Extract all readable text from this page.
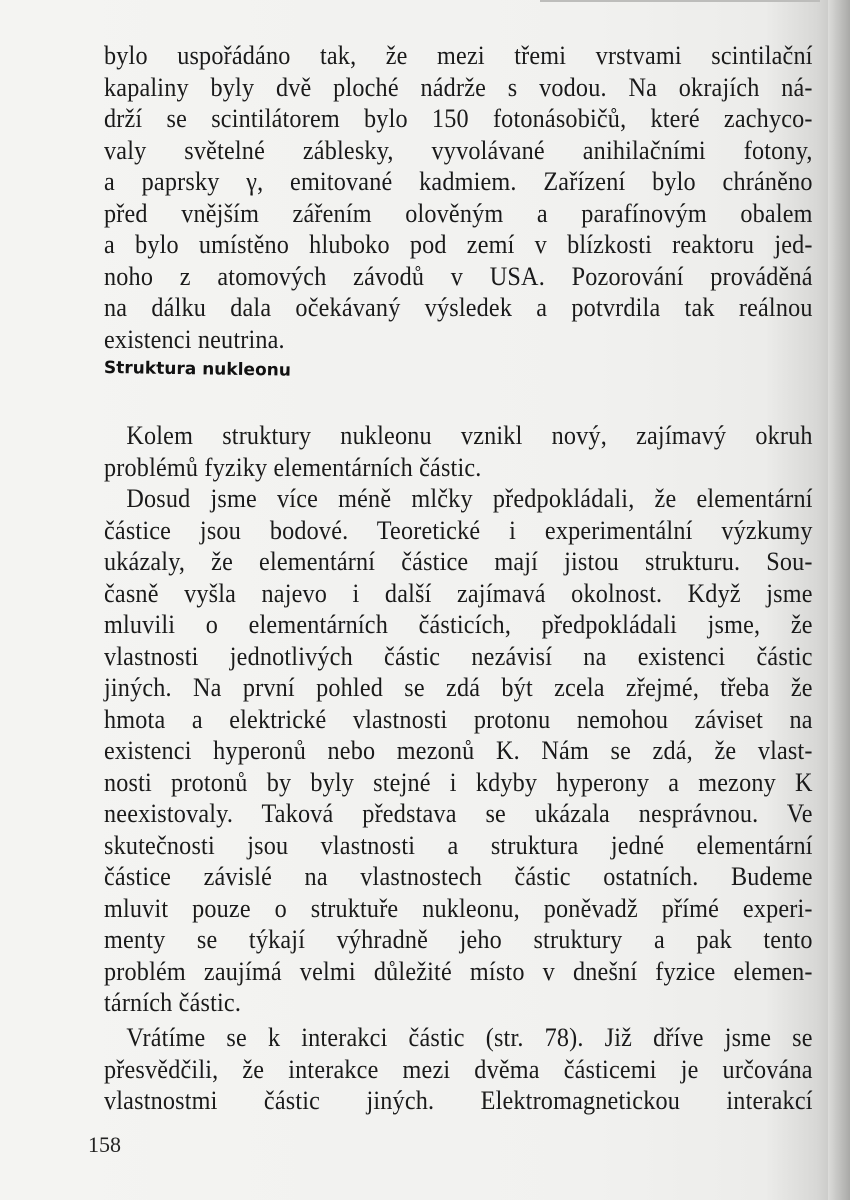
bylo uspořádáno tak, že mezi třemi vrstvami scintilační
kapaliny byly dvě ploché nádrže s vodou. Na okrajích ná-
drží se scintilátorem bylo 150 fotonásobičů, které zachyco-
valy světelné záblesky, vyvolávané anihilačními fotony,
a paprsky γ, emitované kadmiem. Zařízení bylo chráněno
před vnějším zářením olověným a parafínovým obalem
a bylo umístěno hluboko pod zemí v blízkosti reaktoru jed-
noho z atomových závodů v USA. Pozorování prováděná
na dálku dala očekávaný výsledek a potvrdila tak reálnou
existenci neutrina.
Struktura nukleonu
Kolem struktury nukleonu vznikl nový, zajímavý okruh
problémů fyziky elementárních částic.
Dosud jsme více méně mlčky předpokládali, že elementární
částice jsou bodové. Teoretické i experimentální výzkumy
ukázaly, že elementární částice mají jistou strukturu. Sou-
časně vyšla najevo i další zajímavá okolnost. Když jsme
mluvili o elementárních částicích, předpokládali jsme, že
vlastnosti jednotlivých částic nezávisí na existenci částic
jiných. Na první pohled se zdá být zcela zřejmé, třeba že
hmota a elektrické vlastnosti protonu nemohou záviset na
existenci hyperonů nebo mezonů K. Nám se zdá, že vlast-
nosti protonů by byly stejné i kdyby hyperony a mezony K
neexistovaly. Taková představa se ukázala nesprávnou. Ve
skutečnosti jsou vlastnosti a struktura jedné elementární
částice závislé na vlastnostech částic ostatních. Budeme
mluvit pouze o struktuře nukleonu, poněvadž přímé experi-
menty se týkají výhradně jeho struktury a pak tento
problém zaujímá velmi důležité místo v dnešní fyzice elemen-
tárních částic.
Vrátíme se k interakci částic (str. 78). Již dříve jsme se
přesvědčili, že interakce mezi dvěma částicemi je určována
vlastnostmi částic jiných. Elektromagnetickou interakcí
158
